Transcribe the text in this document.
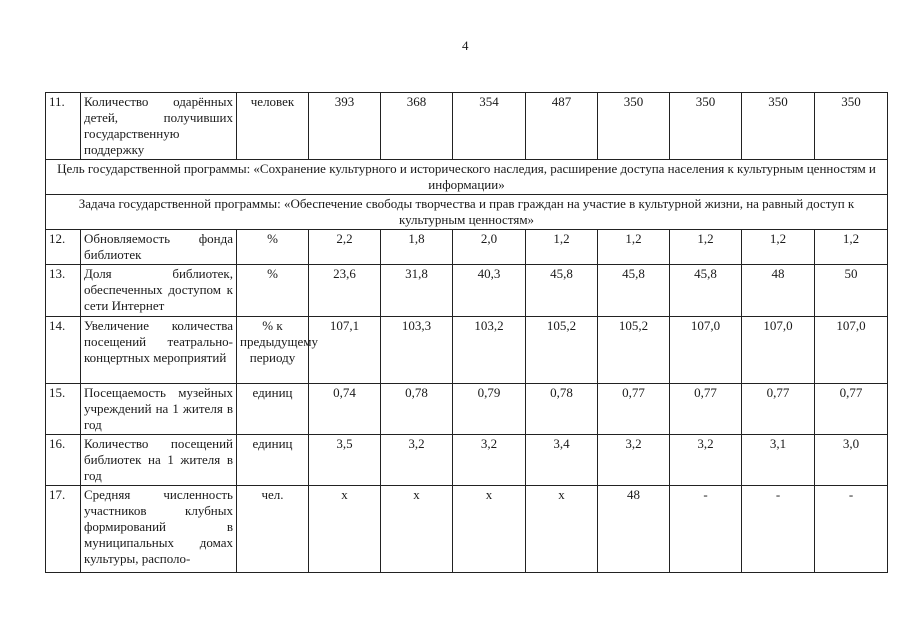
4
11.	Количество одарённых детей, получивших государственную поддержку	человек	393	368	354	487	350	350	350	350
Цель государственной программы: «Сохранение культурного и исторического наследия, расширение доступа населения к культурным ценностям и информации»										
Задача государственной программы: «Обеспечение свободы творчества и прав граждан на участие в культурной жизни, на равный доступ к культурным ценностям»										
12.	Обновляемость фонда библиотек	%	2,2	1,8	2,0	1,2	1,2	1,2	1,2	1,2
13.	Доля библиотек, обеспеченных доступом к сети Интернет	%	23,6	31,8	40,3	45,8	45,8	45,8	48	50
14.	Увеличение количества посещений театрально-концертных мероприятий	% к предыдущему периоду	107,1	103,3	103,2	105,2	105,2	107,0	107,0	107,0
15.	Посещаемость музейных учреждений на 1 жителя в год	единиц	0,74	0,78	0,79	0,78	0,77	0,77	0,77	0,77
16.	Количество посещений библиотек на 1 жителя в год	единиц	3,5	3,2	3,2	3,4	3,2	3,2	3,1	3,0
17.	Средняя численность участников клубных формирований в муниципальных домах культуры, располо-	чел.	х	х	х	х	48	-	-	-
